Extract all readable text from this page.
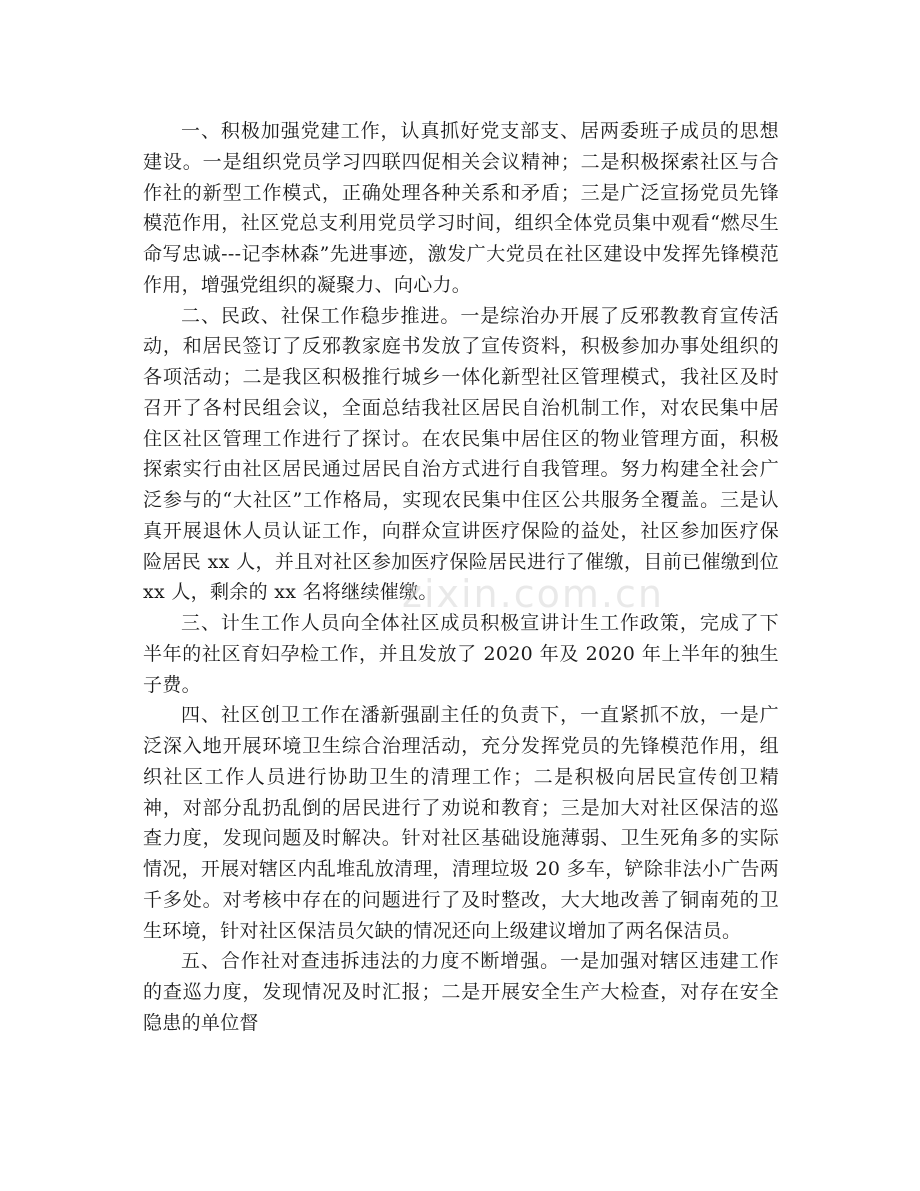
一、积极加强党建工作，认真抓好党支部支、居两委班子成员的思想建设。一是组织党员学习四联四促相关会议精神；二是积极探索社区与合作社的新型工作模式，正确处理各种关系和矛盾；三是广泛宣扬党员先锋模范作用，社区党总支利用党员学习时间，组织全体党员集中观看“燃尽生命写忠诚---记李林森”先进事迹，激发广大党员在社区建设中发挥先锋模范作用，增强党组织的凝聚力、向心力。

二、民政、社保工作稳步推进。一是综治办开展了反邪教教育宣传活动，和居民签订了反邪教家庭书发放了宣传资料，积极参加办事处组织的各项活动；二是我区积极推行城乡一体化新型社区管理模式，我社区及时召开了各村民组会议，全面总结我社区居民自治机制工作，对农民集中居住区社区管理工作进行了探讨。在农民集中居住区的物业管理方面，积极探索实行由社区居民通过居民自治方式进行自我管理。努力构建全社会广泛参与的“大社区”工作格局，实现农民集中住区公共服务全覆盖。三是认真开展退休人员认证工作，向群众宣讲医疗保险的益处，社区参加医疗保险居民 xx 人，并且对社区参加医疗保险居民进行了催缴，目前已催缴到位 xx 人，剩余的 xx 名将继续催缴。

三、计生工作人员向全体社区成员积极宣讲计生工作政策，完成了下半年的社区育妇孕检工作，并且发放了 2020 年及 2020 年上半年的独生子费。

四、社区创卫工作在潘新强副主任的负责下，一直紧抓不放，一是广泛深入地开展环境卫生综合治理活动，充分发挥党员的先锋模范作用，组织社区工作人员进行协助卫生的清理工作；二是积极向居民宣传创卫精神，对部分乱扔乱倒的居民进行了劝说和教育；三是加大对社区保洁的巡查力度，发现问题及时解决。针对社区基础设施薄弱、卫生死角多的实际情况，开展对辖区内乱堆乱放清理，清理垃圾 20 多车，铲除非法小广告两千多处。对考核中存在的问题进行了及时整改，大大地改善了铜南苑的卫生环境，针对社区保洁员欠缺的情况还向上级建议增加了两名保洁员。

五、合作社对查违拆违法的力度不断增强。一是加强对辖区违建工作的查巡力度，发现情况及时汇报；二是开展安全生产大检查，对存在安全隐患的单位督

zixin.com.cn
